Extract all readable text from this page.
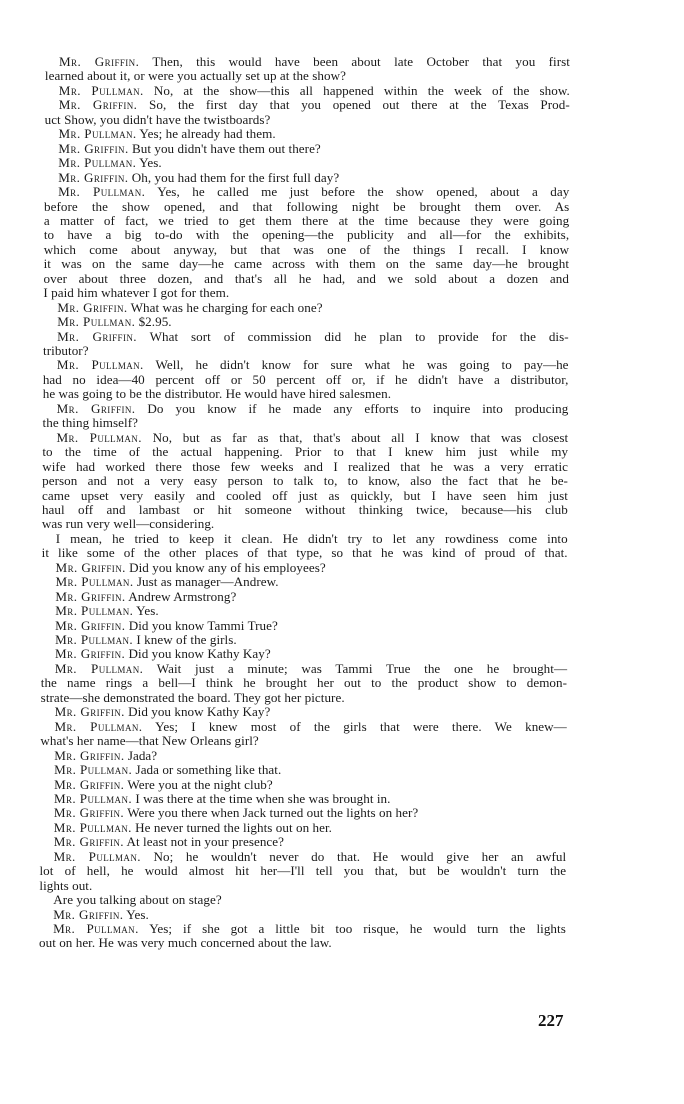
Mr. Griffin. Then, this would have been about late October that you first
learned about it, or were you actually set up at the show?
Mr. Pullman. No, at the show—this all happened within the week of the show.
Mr. Griffin. So, the first day that you opened out there at the Texas Prod-
uct Show, you didn't have the twistboards?
Mr. Pullman. Yes; he already had them.
Mr. Griffin. But you didn't have them out there?
Mr. Pullman. Yes.
Mr. Griffin. Oh, you had them for the first full day?
Mr. Pullman. Yes, he called me just before the show opened, about a day
before the show opened, and that following night be brought them over. As
a matter of fact, we tried to get them there at the time because they were going
to have a big to-do with the opening—the publicity and all—for the exhibits,
which come about anyway, but that was one of the things I recall. I know
it was on the same day—he came across with them on the same day—he brought
over about three dozen, and that's all he had, and we sold about a dozen and
I paid him whatever I got for them.
Mr. Griffin. What was he charging for each one?
Mr. Pullman. $2.95.
Mr. Griffin. What sort of commission did he plan to provide for the dis-
tributor?
Mr. Pullman. Well, he didn't know for sure what he was going to pay—he
had no idea—40 percent off or 50 percent off or, if he didn't have a distributor,
he was going to be the distributor. He would have hired salesmen.
Mr. Griffin. Do you know if he made any efforts to inquire into producing
the thing himself?
Mr. Pullman. No, but as far as that, that's about all I know that was closest
to the time of the actual happening. Prior to that I knew him just while my
wife had worked there those few weeks and I realized that he was a very erratic
person and not a very easy person to talk to, to know, also the fact that he be-
came upset very easily and cooled off just as quickly, but I have seen him just
haul off and lambast or hit someone without thinking twice, because—his club
was run very well—considering.
I mean, he tried to keep it clean. He didn't try to let any rowdiness come into
it like some of the other places of that type, so that he was kind of proud of that.
Mr. Griffin. Did you know any of his employees?
Mr. Pullman. Just as manager—Andrew.
Mr. Griffin. Andrew Armstrong?
Mr. Pullman. Yes.
Mr. Griffin. Did you know Tammi True?
Mr. Pullman. I knew of the girls.
Mr. Griffin. Did you know Kathy Kay?
Mr. Pullman. Wait just a minute; was Tammi True the one he brought—
the name rings a bell—I think he brought her out to the product show to demon-
strate—she demonstrated the board. They got her picture.
Mr. Griffin. Did you know Kathy Kay?
Mr. Pullman. Yes; I knew most of the girls that were there. We knew—
what's her name—that New Orleans girl?
Mr. Griffin. Jada?
Mr. Pullman. Jada or something like that.
Mr. Griffin. Were you at the night club?
Mr. Pullman. I was there at the time when she was brought in.
Mr. Griffin. Were you there when Jack turned out the lights on her?
Mr. Pullman. He never turned the lights out on her.
Mr. Griffin. At least not in your presence?
Mr. Pullman. No; he wouldn't never do that. He would give her an awful
lot of hell, he would almost hit her—I'll tell you that, but be wouldn't turn the
lights out.
Are you talking about on stage?
Mr. Griffin. Yes.
Mr. Pullman. Yes; if she got a little bit too risque, he would turn the lights
out on her. He was very much concerned about the law.
227
